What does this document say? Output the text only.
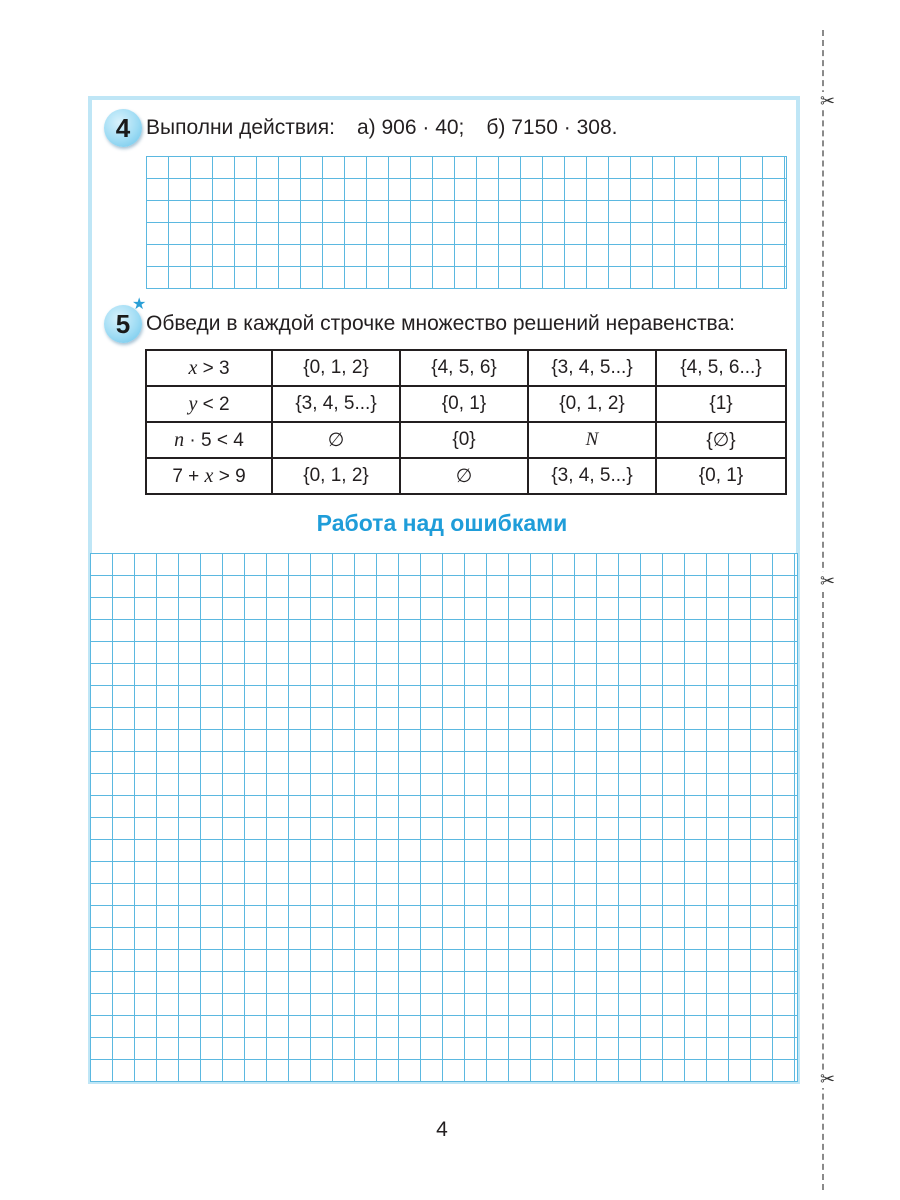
✂
✂
✂
4 Выполни действия: а) 906 · 40; б) 7150 · 308.
5
★
Обведи в каждой строчке множество решений неравенства:
x > 3	{0, 1, 2}	{4, 5, 6}	{3, 4, 5...}	{4, 5, 6...}
y < 2	{3, 4, 5...}	{0, 1}	{0, 1, 2}	{1}
n · 5 < 4	∅	{0}	N	{∅}
7 + x > 9	{0, 1, 2}	∅	{3, 4, 5...}	{0, 1}
Работа над ошибками
4
